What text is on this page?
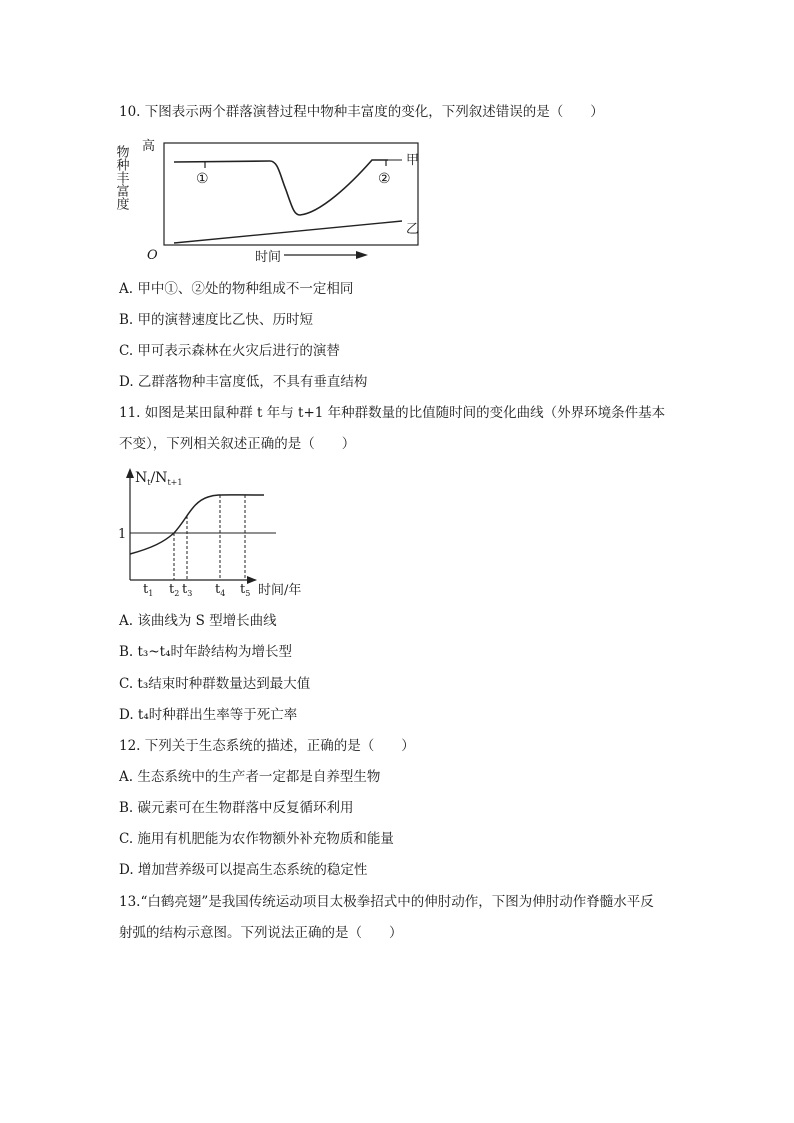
10. 下图表示两个群落演替过程中物种丰富度的变化，下列叙述错误的是（　　）
高
物种丰富度
O
①	②
甲
乙
时间
A. 甲中①、②处的物种组成不一定相同
B. 甲的演替速度比乙快、历时短
C. 甲可表示森林在火灾后进行的演替
D. 乙群落物种丰富度低，不具有垂直结构
11. 如图是某田鼠种群 t 年与 t+1 年种群数量的比值随时间的变化曲线（外界环境条件基本
不变），下列相关叙述正确的是（　　）
$N_t/N_{t+1}$
1
$t_1$ $t_2$ $t_3$ $t_4$ $t_5$ 时间/年
A. 该曲线为 S 型增长曲线
B. t₃~t₄时年龄结构为增长型
C. t₃结束时种群数量达到最大值
D. t₄时种群出生率等于死亡率
12. 下列关于生态系统的描述，正确的是（　　）
A. 生态系统中的生产者一定都是自养型生物
B. 碳元素可在生物群落中反复循环利用
C. 施用有机肥能为农作物额外补充物质和能量
D. 增加营养级可以提高生态系统的稳定性
13.“白鹤亮翅”是我国传统运动项目太极拳招式中的伸肘动作，下图为伸肘动作脊髓水平反
射弧的结构示意图。下列说法正确的是（　　）
